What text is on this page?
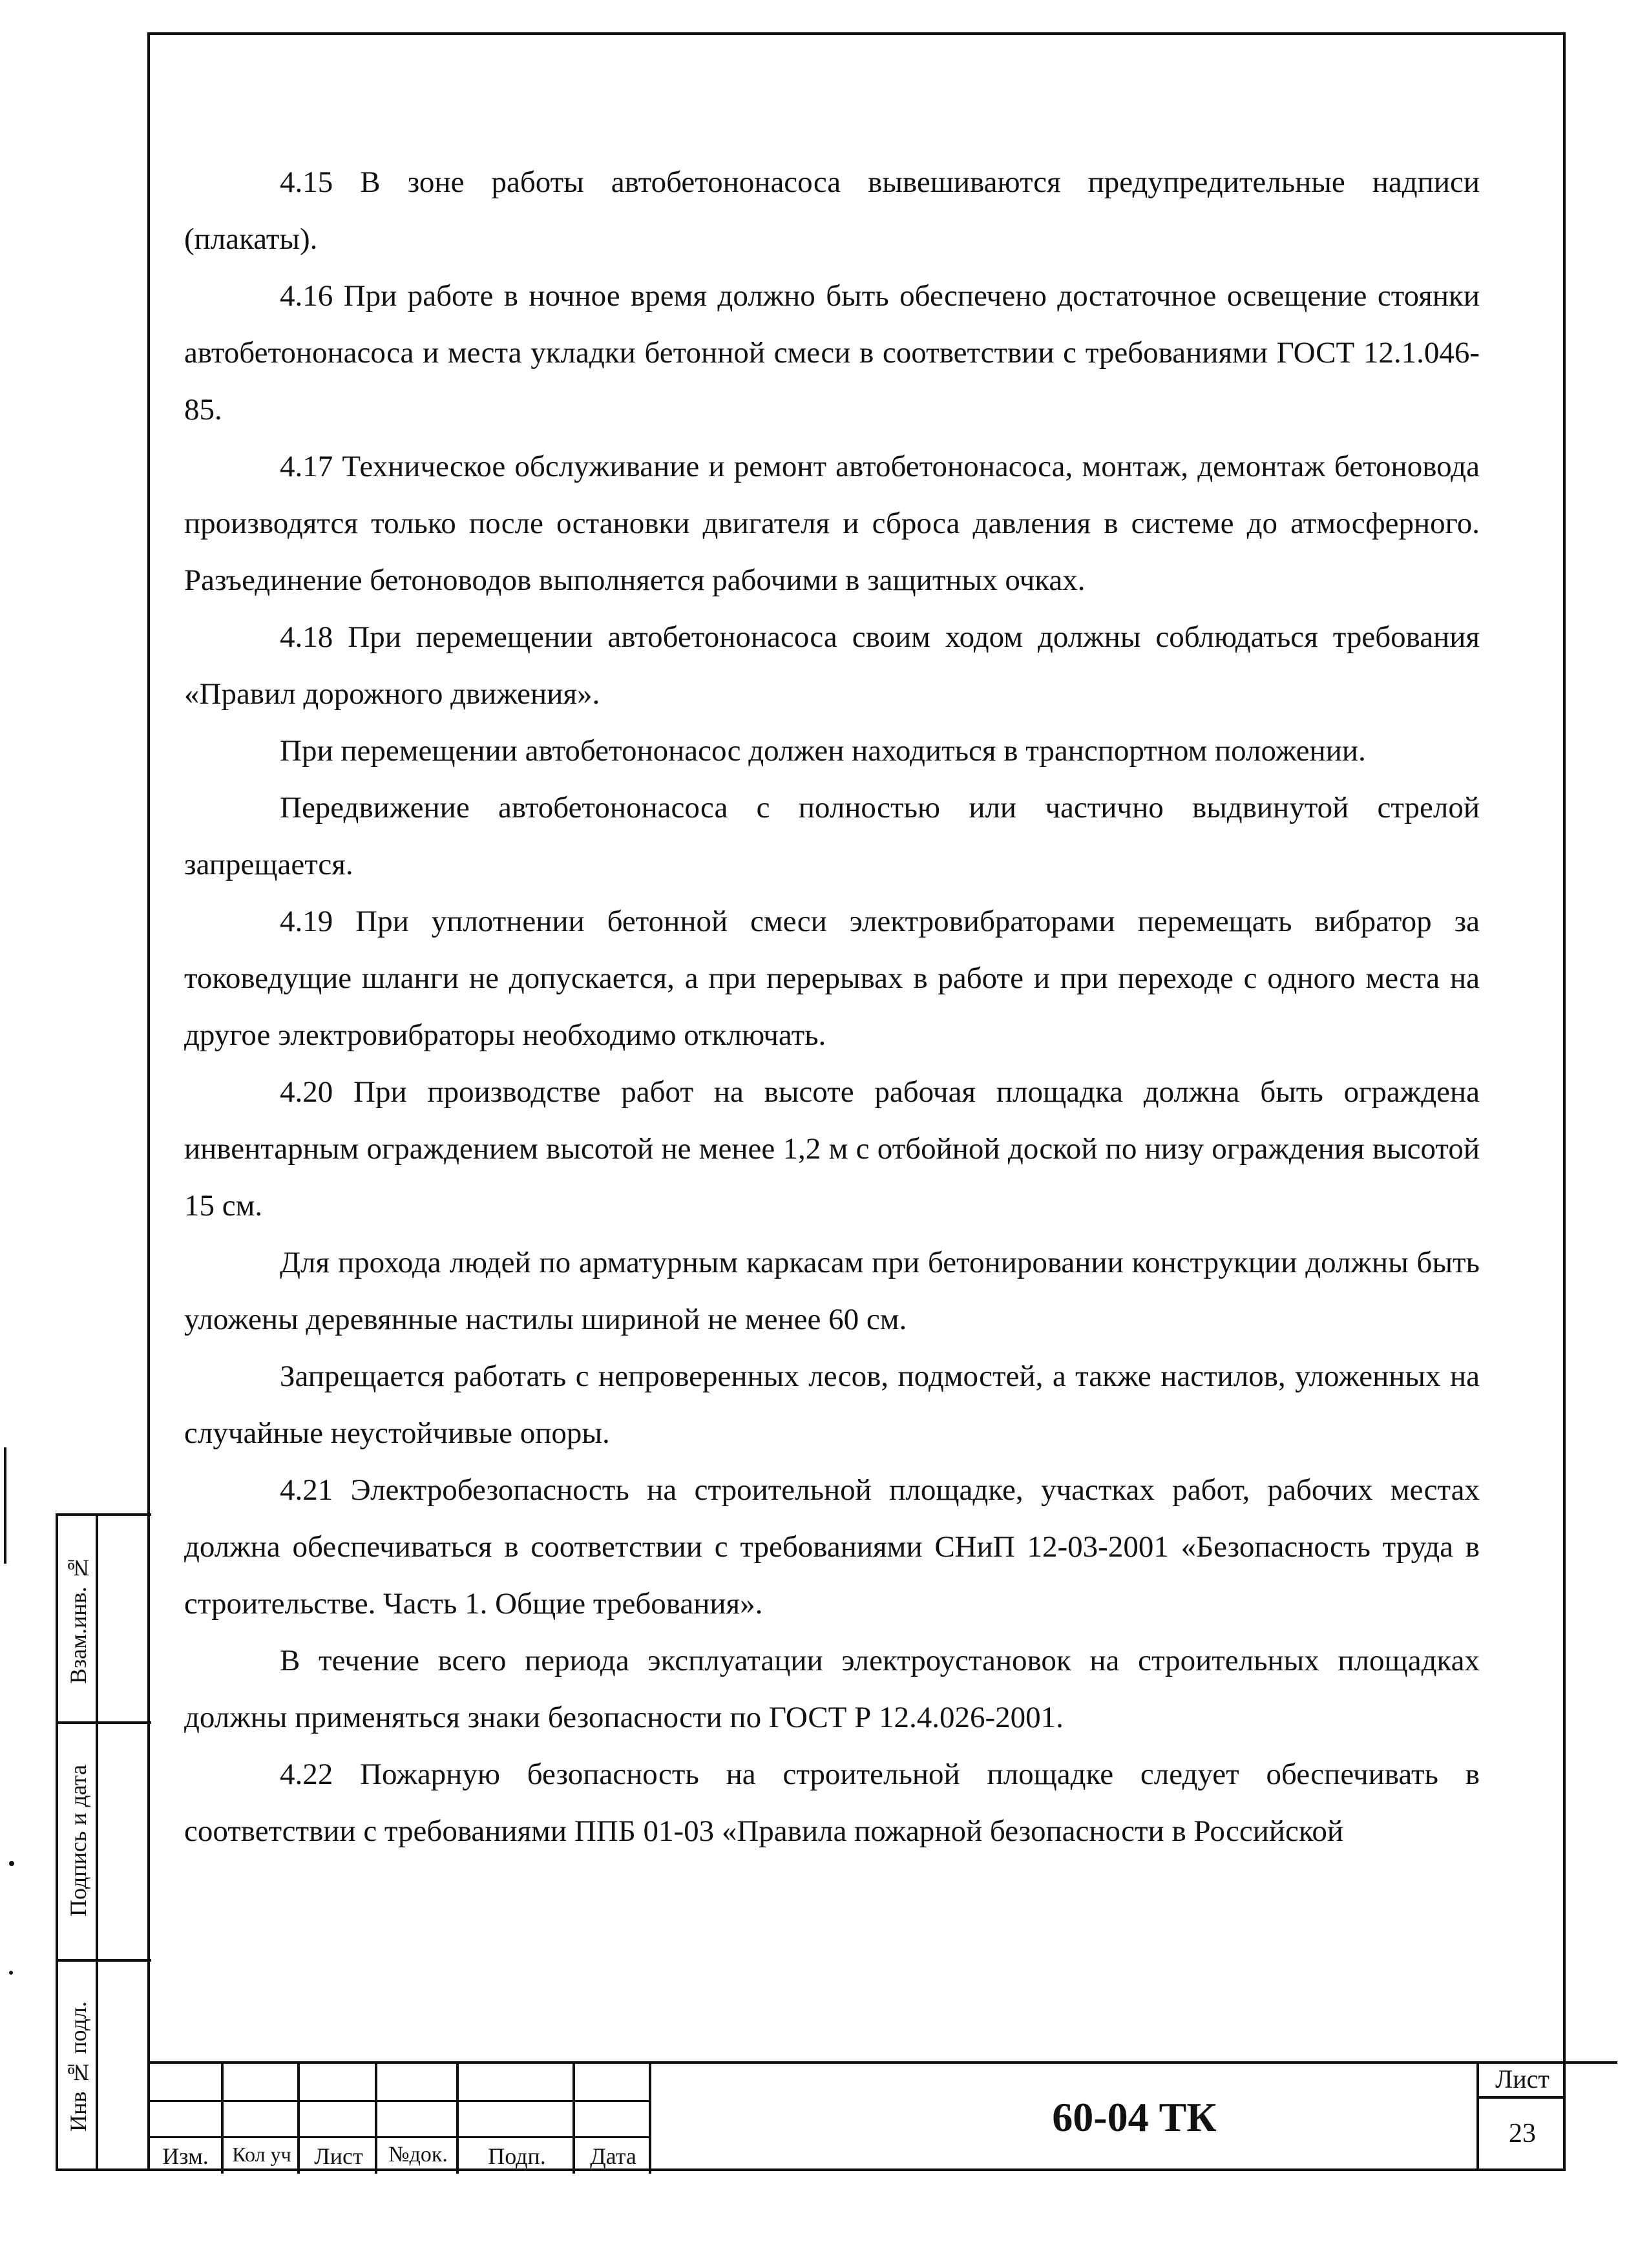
4.15 В зоне работы автобетононасоса вывешиваются предупредительные надписи (плакаты).

4.16 При работе в ночное время должно быть обеспечено достаточное освещение стоянки автобетононасоса и места укладки бетонной смеси в соответствии с требованиями ГОСТ 12.1.046-85.

4.17 Техническое обслуживание и ремонт автобетононасоса, монтаж, демонтаж бетоновода производятся только после остановки двигателя и сброса давления в системе до атмосферного. Разъединение бетоноводов выполняется рабочими в защитных очках.

4.18 При перемещении автобетононасоса своим ходом должны соблюдаться требования «Правил дорожного движения».

При перемещении автобетононасос должен находиться в транспортном положении.

Передвижение автобетононасоса с полностью или частично выдвинутой стрелой запрещается.

4.19 При уплотнении бетонной смеси электровибраторами перемещать вибратор за токоведущие шланги не допускается, а при перерывах в работе и при переходе с одного места на другое электровибраторы необходимо отключать.

4.20 При производстве работ на высоте рабочая площадка должна быть ограждена инвентарным ограждением высотой не менее 1,2 м с отбойной доской по низу ограждения высотой 15 см.

Для прохода людей по арматурным каркасам при бетонировании конструкции должны быть уложены деревянные настилы шириной не менее 60 см.

Запрещается работать с непроверенных лесов, подмостей, а также настилов, уложенных на случайные неустойчивые опоры.

4.21 Электробезопасность на строительной площадке, участках работ, рабочих местах должна обеспечиваться в соответствии с требованиями СНиП 12-03-2001 «Безопасность труда в строительстве. Часть 1. Общие требования».

В течение всего периода эксплуатации электроустановок на строительных площадках должны применяться знаки безопасности по ГОСТ Р 12.4.026-2001.

4.22 Пожарную безопасность на строительной площадке следует обеспечивать в соответствии с требованиями ППБ 01-03 «Правила пожарной безопасности в Российской

Взам.инв. №
Подпись и дата
Инв № подл.
Изм.	Кол уч Лист	№док.	Подп.	Дата
60-04 ТК
Лист
23
